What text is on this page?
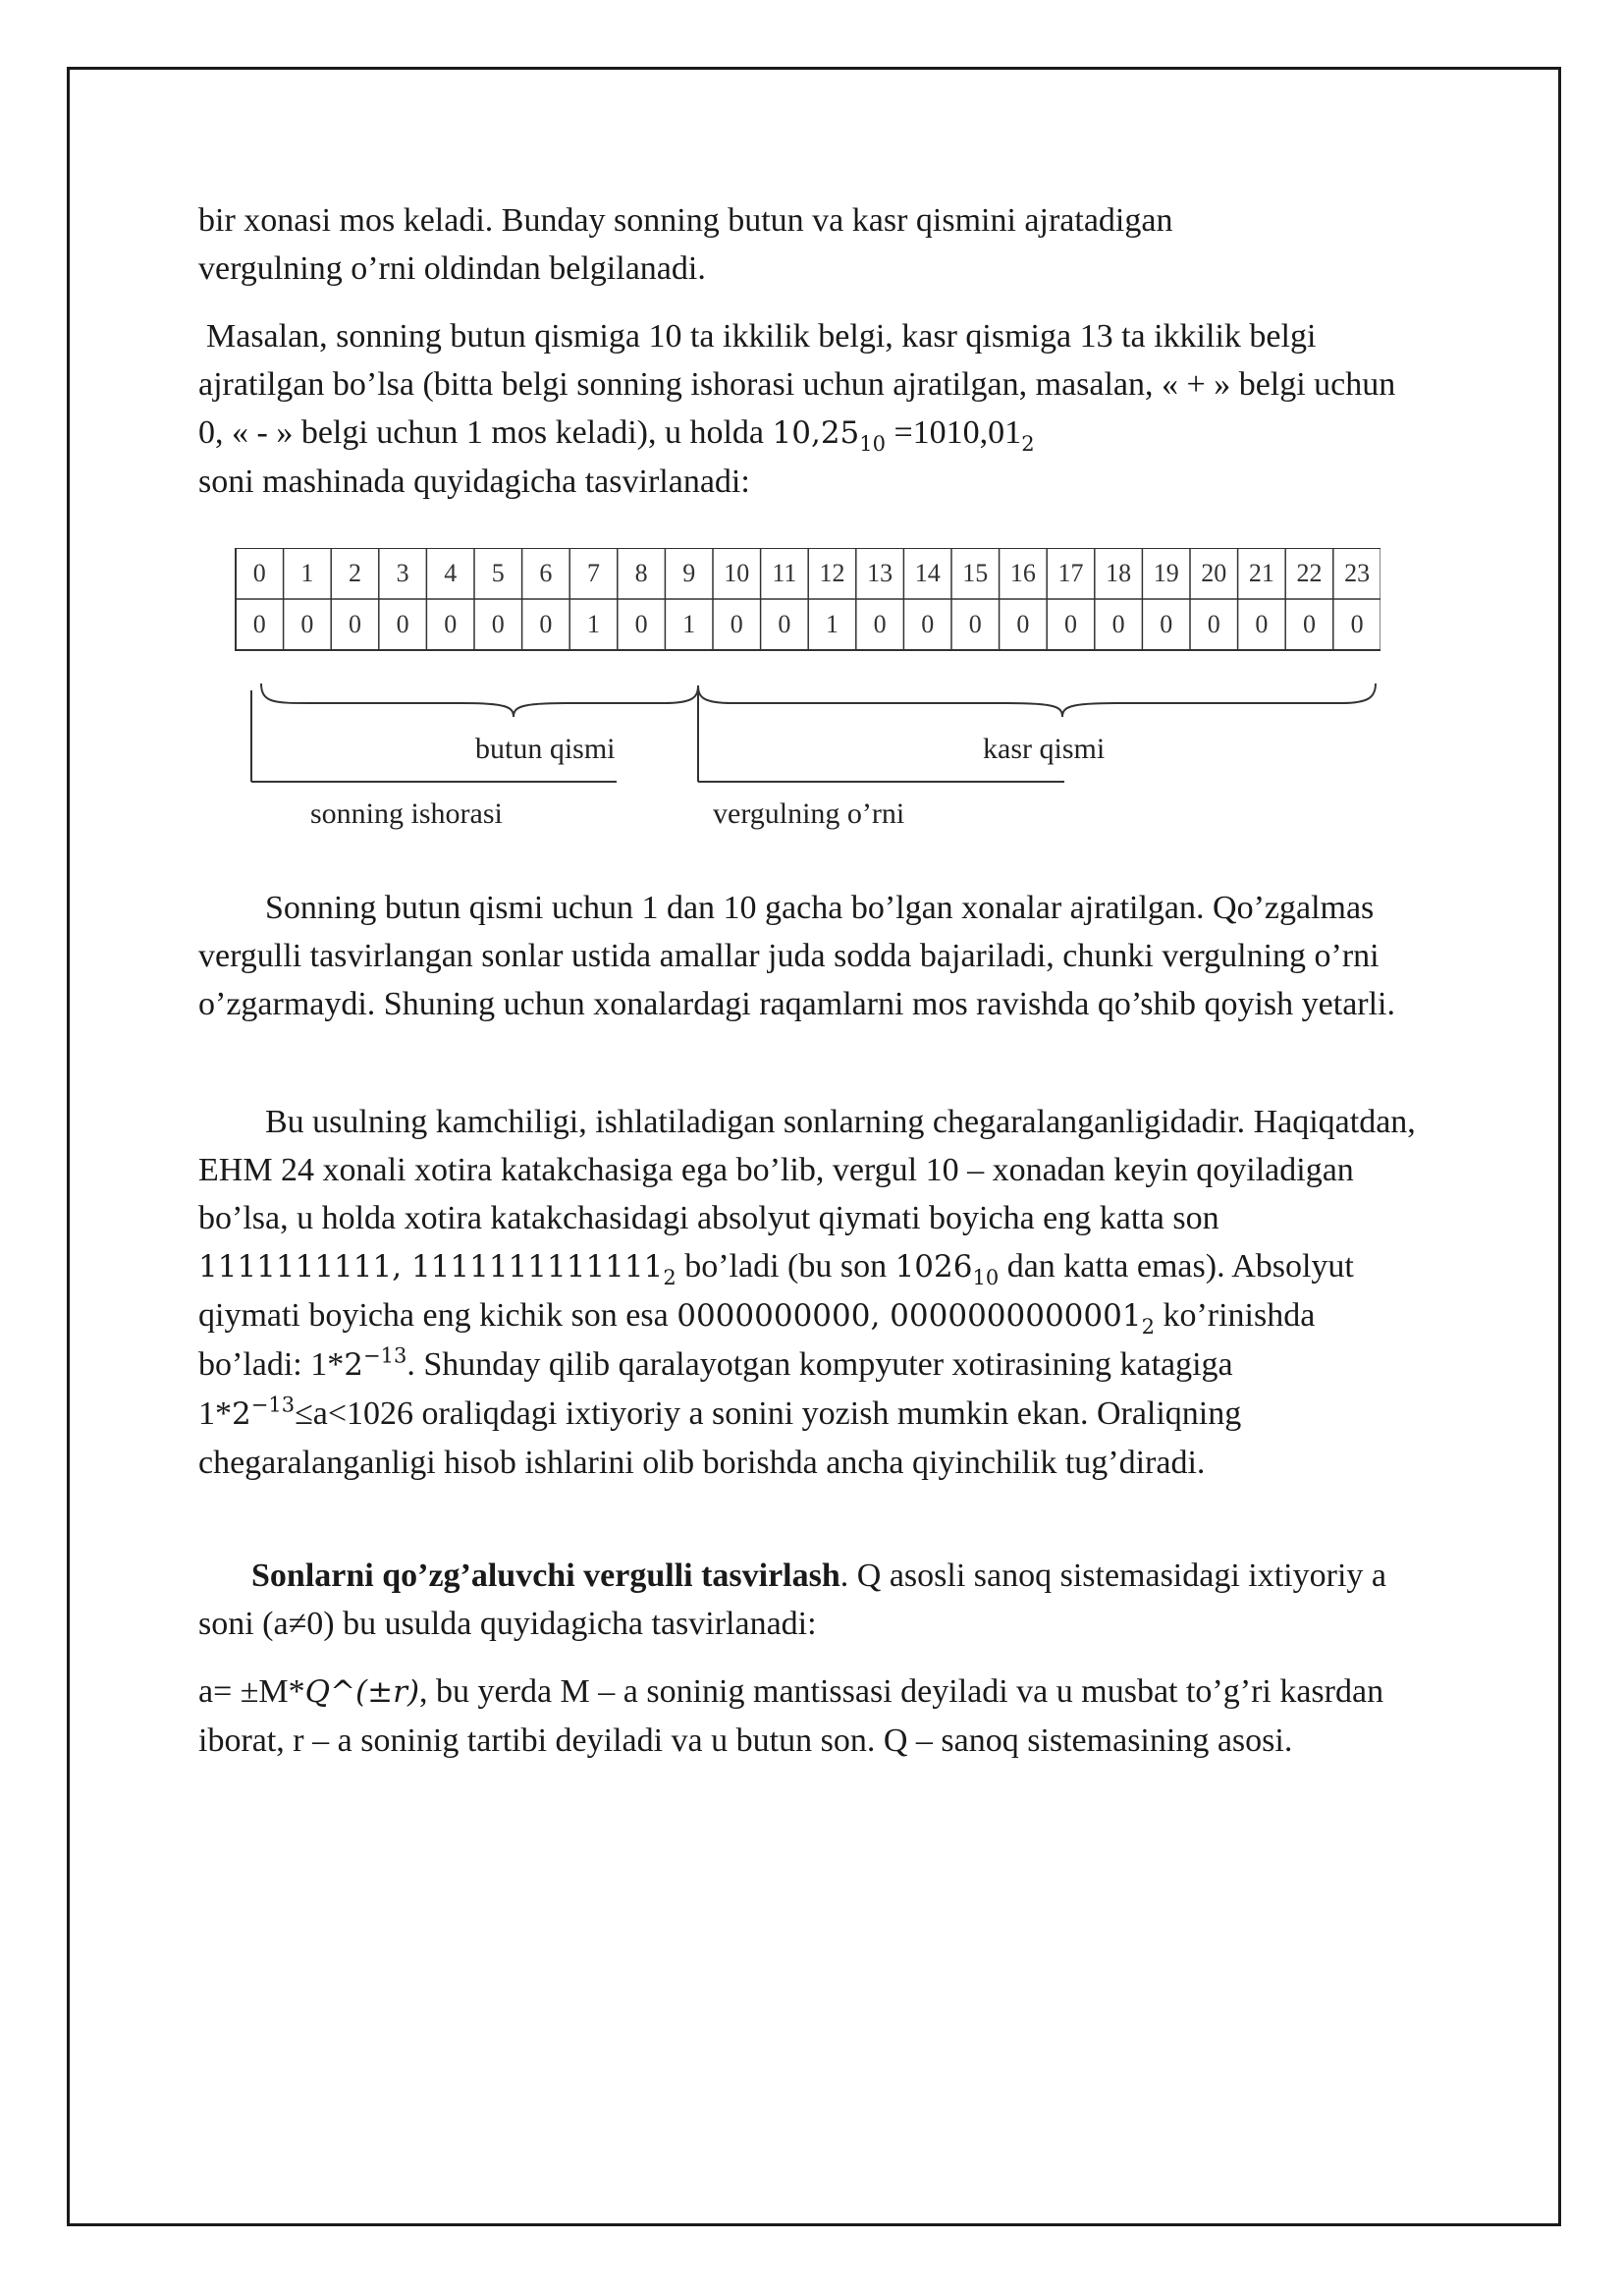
bir xonasi mos keladi. Bunday sonning butun va kasr qismini ajratadigan
vergulning o’rni oldindan belgilanadi.

Masalan, sonning butun qismiga 10 ta ikkilik belgi, kasr qismiga 13 ta ikkilik belgi ajratilgan bo’lsa (bitta belgi sonning ishorasi uchun ajratilgan, masalan, « + » belgi uchun 0, « - » belgi uchun 1 mos keladi), u holda $10,25_{10} =1010,01_2$
soni mashinada quyidagicha tasvirlanadi:

0
0
1
0
2
0
3
0
4
0
5
0
6
0
7
1
8
0
9
1
10
0
11
0
12
1
13
0
14
0
15
0
16
0
17
0
18
0
19
0
20
0
21
0
22
0
23
0
butun qismi	kasr qismi
sonning ishorasi	vergulning o’rni

Sonning butun qismi uchun 1 dan 10 gacha bo’lgan xonalar ajratilgan. Qo’zgalmas vergulli tasvirlangan sonlar ustida amallar juda sodda bajariladi, chunki vergulning o’rni o’zgarmaydi. Shuning uchun xonalardagi raqamlarni mos ravishda qo’shib qoyish yetarli.

Bu usulning kamchiligi, ishlatiladigan sonlarning chegaralanganligidadir. Haqiqatdan, EHM 24 xonali xotira katakchasiga ega bo’lib, vergul 10 – xonadan keyin qoyiladigan bo’lsa, u holda xotira katakchasidagi absolyut qiymati boyicha eng katta son 1111111111, $1111111111111_2$ bo’ladi (bu son $1026_{10}$ dan katta emas). Absolyut qiymati boyicha eng kichik son esa 0000000000, $0000000000001_2$ ko’rinishda bo’ladi: $1*2^{-13}$. Shunday qilib qaralayotgan kompyuter xotirasining katagiga $1*2^{-13}\le a<1026$ oraliqdagi ixtiyoriy a sonini yozish mumkin ekan. Oraliqning chegaralanganligi hisob ishlarini olib borishda ancha qiyinchilik tug’diradi.

Sonlarni qo’zg’aluvchi vergulli tasvirlash. Q asosli sanoq sistemasidagi ixtiyoriy a soni (a≠0) bu usulda quyidagicha tasvirlanadi:

a= ±M*Q^(±r), bu yerda M – a soninig mantissasi deyiladi va u musbat to’g’ri kasrdan iborat, r – a soninig tartibi deyiladi va u butun son. Q – sanoq sistemasining asosi.
